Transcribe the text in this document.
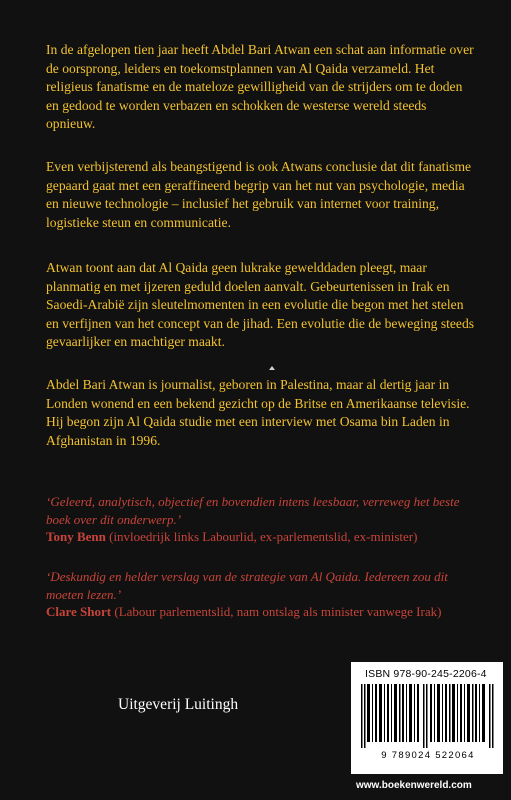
In de afgelopen tien jaar heeft Abdel Bari Atwan een schat aan informatie over de oorsprong, leiders en toekomstplannen van Al Qaida verzameld. Het religieus fanatisme en de mateloze gewilligheid van de strijders om te doden en gedood te worden verbazen en schokken de westerse wereld steeds opnieuw.

Even verbijsterend als beangstigend is ook Atwans conclusie dat dit fanatisme gepaard gaat met een geraffineerd begrip van het nut van psychologie, media en nieuwe technologie – inclusief het gebruik van internet voor training, logistieke steun en communicatie.

Atwan toont aan dat Al Qaida geen lukrake gewelddaden pleegt, maar planmatig en met ijzeren geduld doelen aanvalt. Gebeurtenissen in Irak en Saoedi-Arabië zijn sleutelmomenten in een evolutie die begon met het stelen en verfijnen van het concept van de jihad. Een evolutie die de beweging steeds gevaarlijker en machtiger maakt.

Abdel Bari Atwan is journalist, geboren in Palestina, maar al dertig jaar in Londen wonend en een bekend gezicht op de Britse en Amerikaanse televisie. Hij begon zijn Al Qaida studie met een interview met Osama bin Laden in Afghanistan in 1996.

‘Geleerd, analytisch, objectief en bovendien intens leesbaar, verreweg het beste boek over dit onderwerp.’
Tony Benn (invloedrijk links Labourlid, ex-parlementslid, ex-minister)

‘Deskundig en helder verslag van de strategie van Al Qaida. Iedereen zou dit moeten lezen.’
Clare Short (Labour parlementslid, nam ontslag als minister vanwege Irak)

Uitgeverij Luitingh
ISBN 978-90-245-2206-4
9 789024 522064
www.boekenwereld.com
